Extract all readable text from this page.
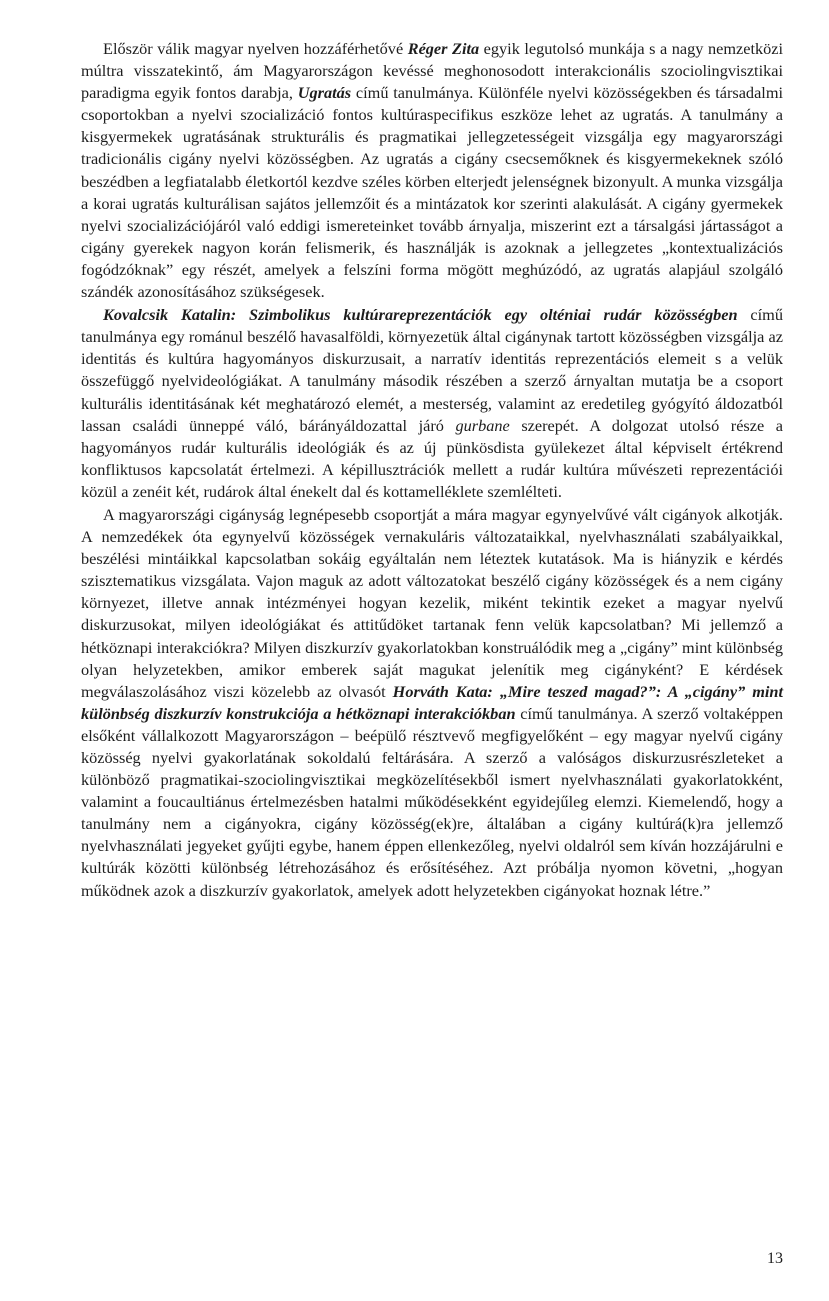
Először válik magyar nyelven hozzáférhetővé Réger Zita egyik legutolsó munkája s a nagy nemzetközi múltra visszatekintő, ám Magyarországon kevéssé meghonosodott interakcionális szociolingvisztikai paradigma egyik fontos darabja, Ugratás című tanulmánya. Különféle nyelvi közösségekben és társadalmi csoportokban a nyelvi szocializáció fontos kultúraspecifikus eszköze lehet az ugratás. A tanulmány a kisgyermekek ugratásának strukturális és pragmatikai jellegzetességeit vizsgálja egy magyarországi tradicionális cigány nyelvi közösségben. Az ugratás a cigány csecsemőknek és kisgyermekeknek szóló beszédben a legfiatalabb életkortól kezdve széles körben elterjedt jelenségnek bizonyult. A munka vizsgálja a korai ugratás kulturálisan sajátos jellemzőit és a mintázatok kor szerinti alakulását. A cigány gyermekek nyelvi szocializációjáról való eddigi ismereteinket tovább árnyalja, miszerint ezt a társalgási jártasságot a cigány gyerekek nagyon korán felismerik, és használják is azoknak a jellegzetes „kontextualizációs fogódzóknak” egy részét, amelyek a felszíni forma mögött meghúzódó, az ugratás alapjául szolgáló szándék azonosításához szükségesek.

Kovalcsik Katalin: Szimbolikus kultúrareprezentációk egy olténiai rudár közösségben című tanulmánya egy románul beszélő havasalföldi, környezetük által cigánynak tartott közösségben vizsgálja az identitás és kultúra hagyományos diskurzusait, a narratív identitás reprezentációs elemeit s a velük összefüggő nyelvideológiákat. A tanulmány második részében a szerző árnyaltan mutatja be a csoport kulturális identitásának két meghatározó elemét, a mesterség, valamint az eredetileg gyógyító áldozatból lassan családi ünneppé váló, bárányáldozattal járó gurbane szerepét. A dolgozat utolsó része a hagyományos rudár kulturális ideológiák és az új pünkösdista gyülekezet által képviselt értékrend konfliktusos kapcsolatát értelmezi. A képillusztrációk mellett a rudár kultúra művészeti reprezentációi közül a zenéit két, rudárok által énekelt dal és kottamelléklete szemlélteti.

A magyarországi cigányság legnépesebb csoportját a mára magyar egynyelvűvé vált cigányok alkotják. A nemzedékek óta egynyelvű közösségek vernakuláris változataikkal, nyelvhasználati szabályaikkal, beszélési mintáikkal kapcsolatban sokáig egyáltalán nem léteztek kutatások. Ma is hiányzik e kérdés szisztematikus vizsgálata. Vajon maguk az adott változatokat beszélő cigány közösségek és a nem cigány környezet, illetve annak intézményei hogyan kezelik, miként tekintik ezeket a magyar nyelvű diskurzusokat, milyen ideológiákat és attitűdöket tartanak fenn velük kapcsolatban? Mi jellemző a hétköznapi interakciókra? Milyen diszkurzív gyakorlatokban konstruálódik meg a „cigány” mint különbség olyan helyzetekben, amikor emberek saját magukat jelenítik meg cigányként? E kérdések megválaszolásához viszi közelebb az olvasót Horváth Kata: „Mire teszed magad?”: A „cigány” mint különbség diszkurzív konstrukciója a hétköznapi interakciókban című tanulmánya. A szerző voltaképpen elsőként vállalkozott Magyarországon – beépülő résztvevő megfigyelőként – egy magyar nyelvű cigány közösség nyelvi gyakorlatának sokoldalú feltárására. A szerző a valóságos diskurzusrészleteket a különböző pragmatikai-szociolingvisztikai megközelítésekből ismert nyelvhasználati gyakorlatokként, valamint a foucaultiánus értelmezésben hatalmi működésekként egyidejűleg elemzi. Kiemelendő, hogy a tanulmány nem a cigányokra, cigány közösség(ek)re, általában a cigány kultúrá(k)ra jellemző nyelvhasználati jegyeket gyűjti egybe, hanem éppen ellenkezőleg, nyelvi oldalról sem kíván hozzájárulni e kultúrák közötti különbség létrehozásához és erősítéséhez. Azt próbálja nyomon követni, „hogyan működnek azok a diszkurzív gyakorlatok, amelyek adott helyzetekben cigányokat hoznak létre.”

13
